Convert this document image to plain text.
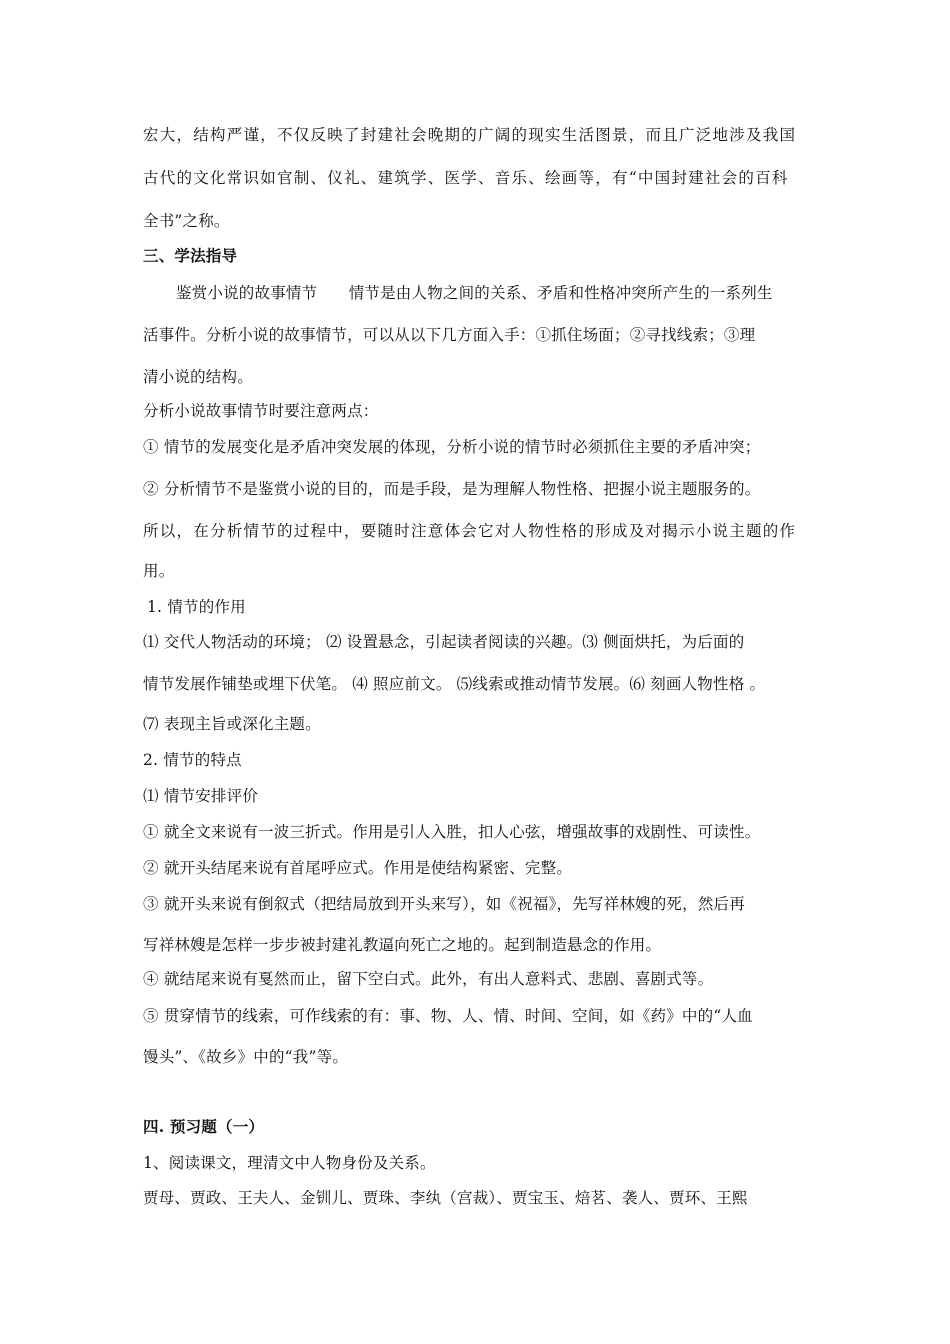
宏大，结构严谨，不仅反映了封建社会晚期的广阔的现实生活图景，而且广泛地涉及我国
古代的文化常识如官制、仪礼、建筑学、医学、音乐、绘画等，有“中国封建社会的百科
全书”之称。
三、学法指导
鉴赏小说的故事情节　　情节是由人物之间的关系、矛盾和性格冲突所产生的一系列生
活事件。分析小说的故事情节，可以从以下几方面入手：①抓住场面；②寻找线索；③理
清小说的结构。
分析小说故事情节时要注意两点：
① 情节的发展变化是矛盾冲突发展的体现，分析小说的情节时必须抓住主要的矛盾冲突；
② 分析情节不是鉴赏小说的目的，而是手段，是为理解人物性格、把握小说主题服务的。
所以，在分析情节的过程中，要随时注意体会它对人物性格的形成及对揭示小说主题的作
用。
1. 情节的作用
⑴ 交代人物活动的环境； ⑵ 设置悬念，引起读者阅读的兴趣。⑶ 侧面烘托，为后面的
情节发展作铺垫或埋下伏笔。 ⑷ 照应前文。 ⑸线索或推动情节发展。⑹ 刻画人物性格 。
⑺ 表现主旨或深化主题。
2. 情节的特点
⑴ 情节安排评价
① 就全文来说有一波三折式。作用是引人入胜，扣人心弦，增强故事的戏剧性、可读性。
② 就开头结尾来说有首尾呼应式。作用是使结构紧密、完整。
③ 就开头来说有倒叙式（把结局放到开头来写），如《祝福》，先写祥林嫂的死，然后再
写祥林嫂是怎样一步步被封建礼教逼向死亡之地的。起到制造悬念的作用。
④ 就结尾来说有戛然而止，留下空白式。此外，有出人意料式、悲剧、喜剧式等。
⑤ 贯穿情节的线索，可作线索的有：事、物、人、情、时间、空间，如《药》中的“人血
馒头”、《故乡》中的“我”等。
四. 预习题（一）
1、阅读课文，理清文中人物身份及关系。
贾母、贾政、王夫人、金钏儿、贾珠、李纨（宫裁）、贾宝玉、焙茗、袭人、贾环、王熙
